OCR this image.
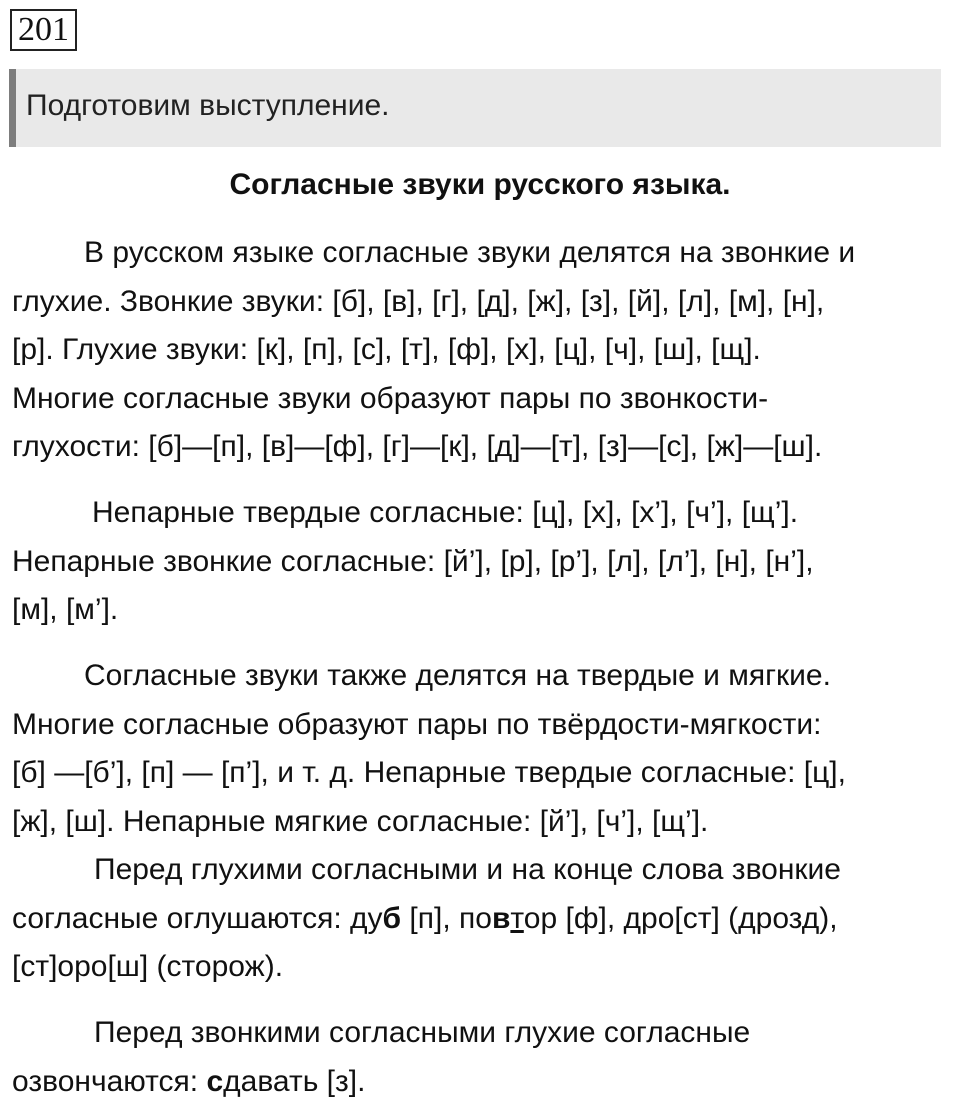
201
Подготовим выступление.
Согласные звуки русского языка.
В русском языке согласные звуки делятся на звонкие и
глухие. Звонкие звуки: [б], [в], [г], [д], [ж], [з], [й], [л], [м], [н],
[р]. Глухие звуки: [к], [п], [с], [т], [ф], [х], [ц], [ч], [ш], [щ].
Многие согласные звуки образуют пары по звонкости-
глухости: [б]—[п], [в]—[ф], [г]—[к], [д]—[т], [з]—[с], [ж]—[ш].
Непарные твердые согласные: [ц], [х], [х’], [ч’], [щ’].
Непарные звонкие согласные: [й’], [р], [р’], [л], [л’], [н], [н’],
[м], [м’].
Согласные звуки также делятся на твердые и мягкие.
Многие согласные образуют пары по твёрдости-мягкости:
[б] —[б’], [п] — [п’], и т. д. Непарные твердые согласные: [ц],
[ж], [ш]. Непарные мягкие согласные: [й’], [ч’], [щ’].
Перед глухими согласными и на конце слова звонкие
согласные оглушаются: дуб [п], повтор [ф], дро[ст] (дрозд),
[ст]оро[ш] (сторож).
Перед звонкими согласными глухие согласные
озвончаются: сдавать [з].
